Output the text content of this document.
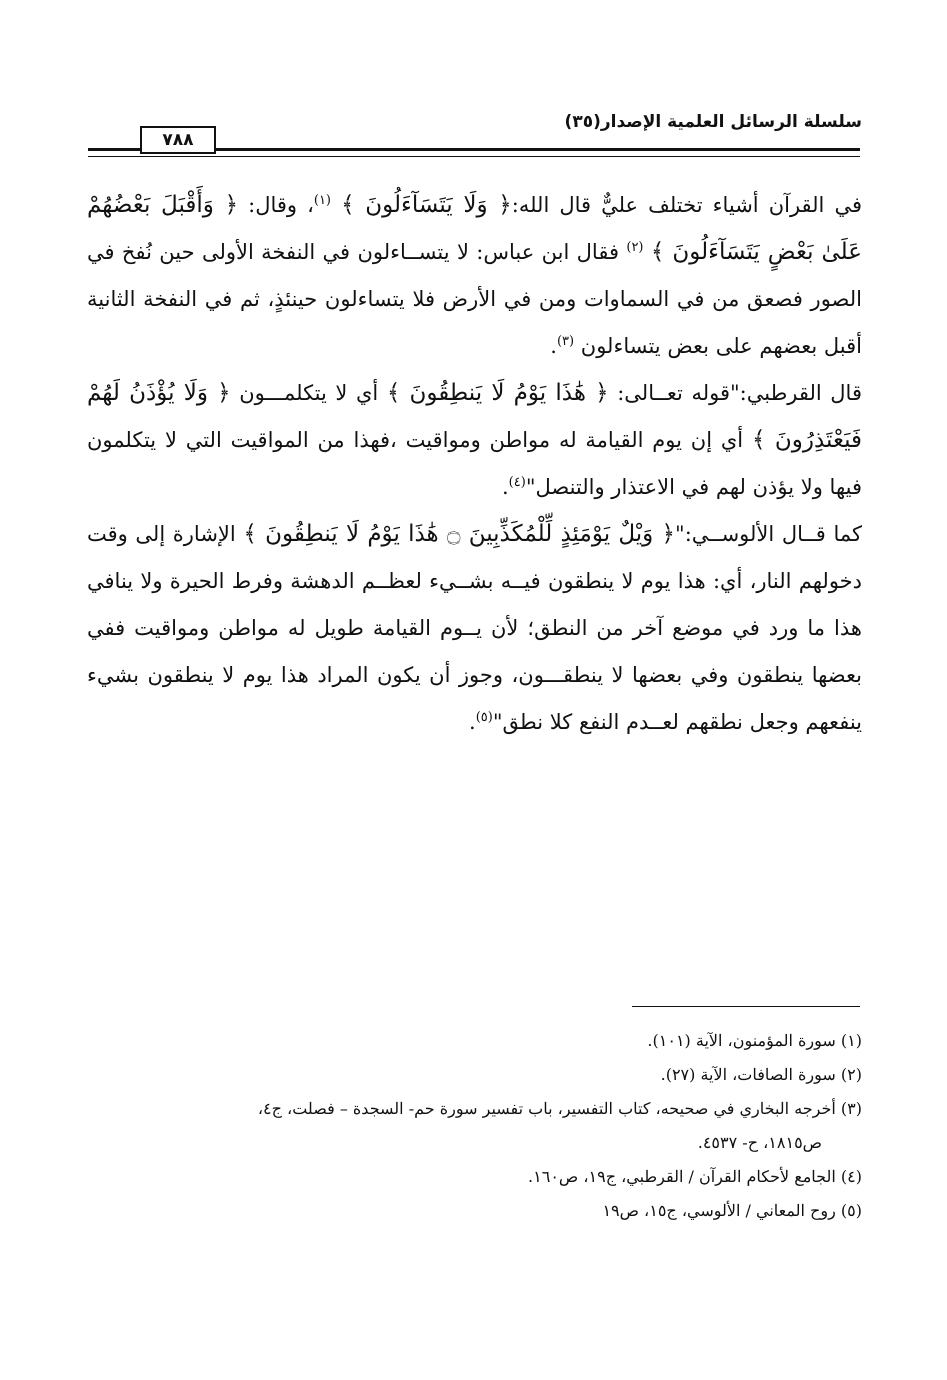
سلسلة الرسائل العلمية الإصدار(٣٥)
٧٨٨

في القرآن أشياء تختلف عليٌّ قال الله:﴿ وَلَا يَتَسَآءَلُونَ ﴾ $^{(١)}$، وقال: ﴿ وَأَقْبَلَ بَعْضُهُمْ عَلَىٰ بَعْضٍ يَتَسَآءَلُونَ ﴾ $^{(٢)}$ فقال ابن عباس: لا يتســاءلون في النفخة الأولى حين نُفخ في الصور فصعق من في السماوات ومن في الأرض فلا يتساءلون حينئذٍ، ثم في النفخة الثانية أقبل بعضهم على بعض يتساءلون $^{(٣)}$.

قال القرطبي:"قوله تعــالى: ﴿ هَٰذَا يَوْمُ لَا يَنطِقُونَ ﴾ أي لا يتكلمـــون ﴿ وَلَا يُؤْذَنُ لَهُمْ فَيَعْتَذِرُونَ ﴾ أي إن يوم القيامة له مواطن ومواقيت ،فهذا من المواقيت التي لا يتكلمون فيها ولا يؤذن لهم في الاعتذار والتنصل"$^{(٤)}$.

كما قــال الألوســي:"﴿ وَيْلٌ يَوْمَئِذٍ لِّلْمُكَذِّبِينَ ۝ هَٰذَا يَوْمُ لَا يَنطِقُونَ ﴾ الإشارة إلى وقت دخولهم النار، أي: هذا يوم لا ينطقون فيــه بشــيء لعظــم الدهشة وفرط الحيرة ولا ينافي هذا ما ورد في موضع آخر من النطق؛ لأن يــوم القيامة طويل له مواطن ومواقيت ففي بعضها ينطقون وفي بعضها لا ينطقـــون، وجوز أن يكون المراد هذا يوم لا ينطقون بشيء ينفعهم وجعل نطقهم لعــدم النفع كلا نطق"$^{(٥)}$.

(١) سورة المؤمنون، الآية (١٠١).

(٢) سورة الصافات، الآية (٢٧).

(٣) أخرجه البخاري في صحيحه، كتاب التفسير، باب تفسير سورة حم- السجدة – فصلت، ج٤،

ص١٨١٥، ح- ٤٥٣٧.

(٤) الجامع لأحكام القرآن / القرطبي، ج١٩، ص١٦٠.

(٥) روح المعاني / الألوسي، ج١٥، ص١٩
